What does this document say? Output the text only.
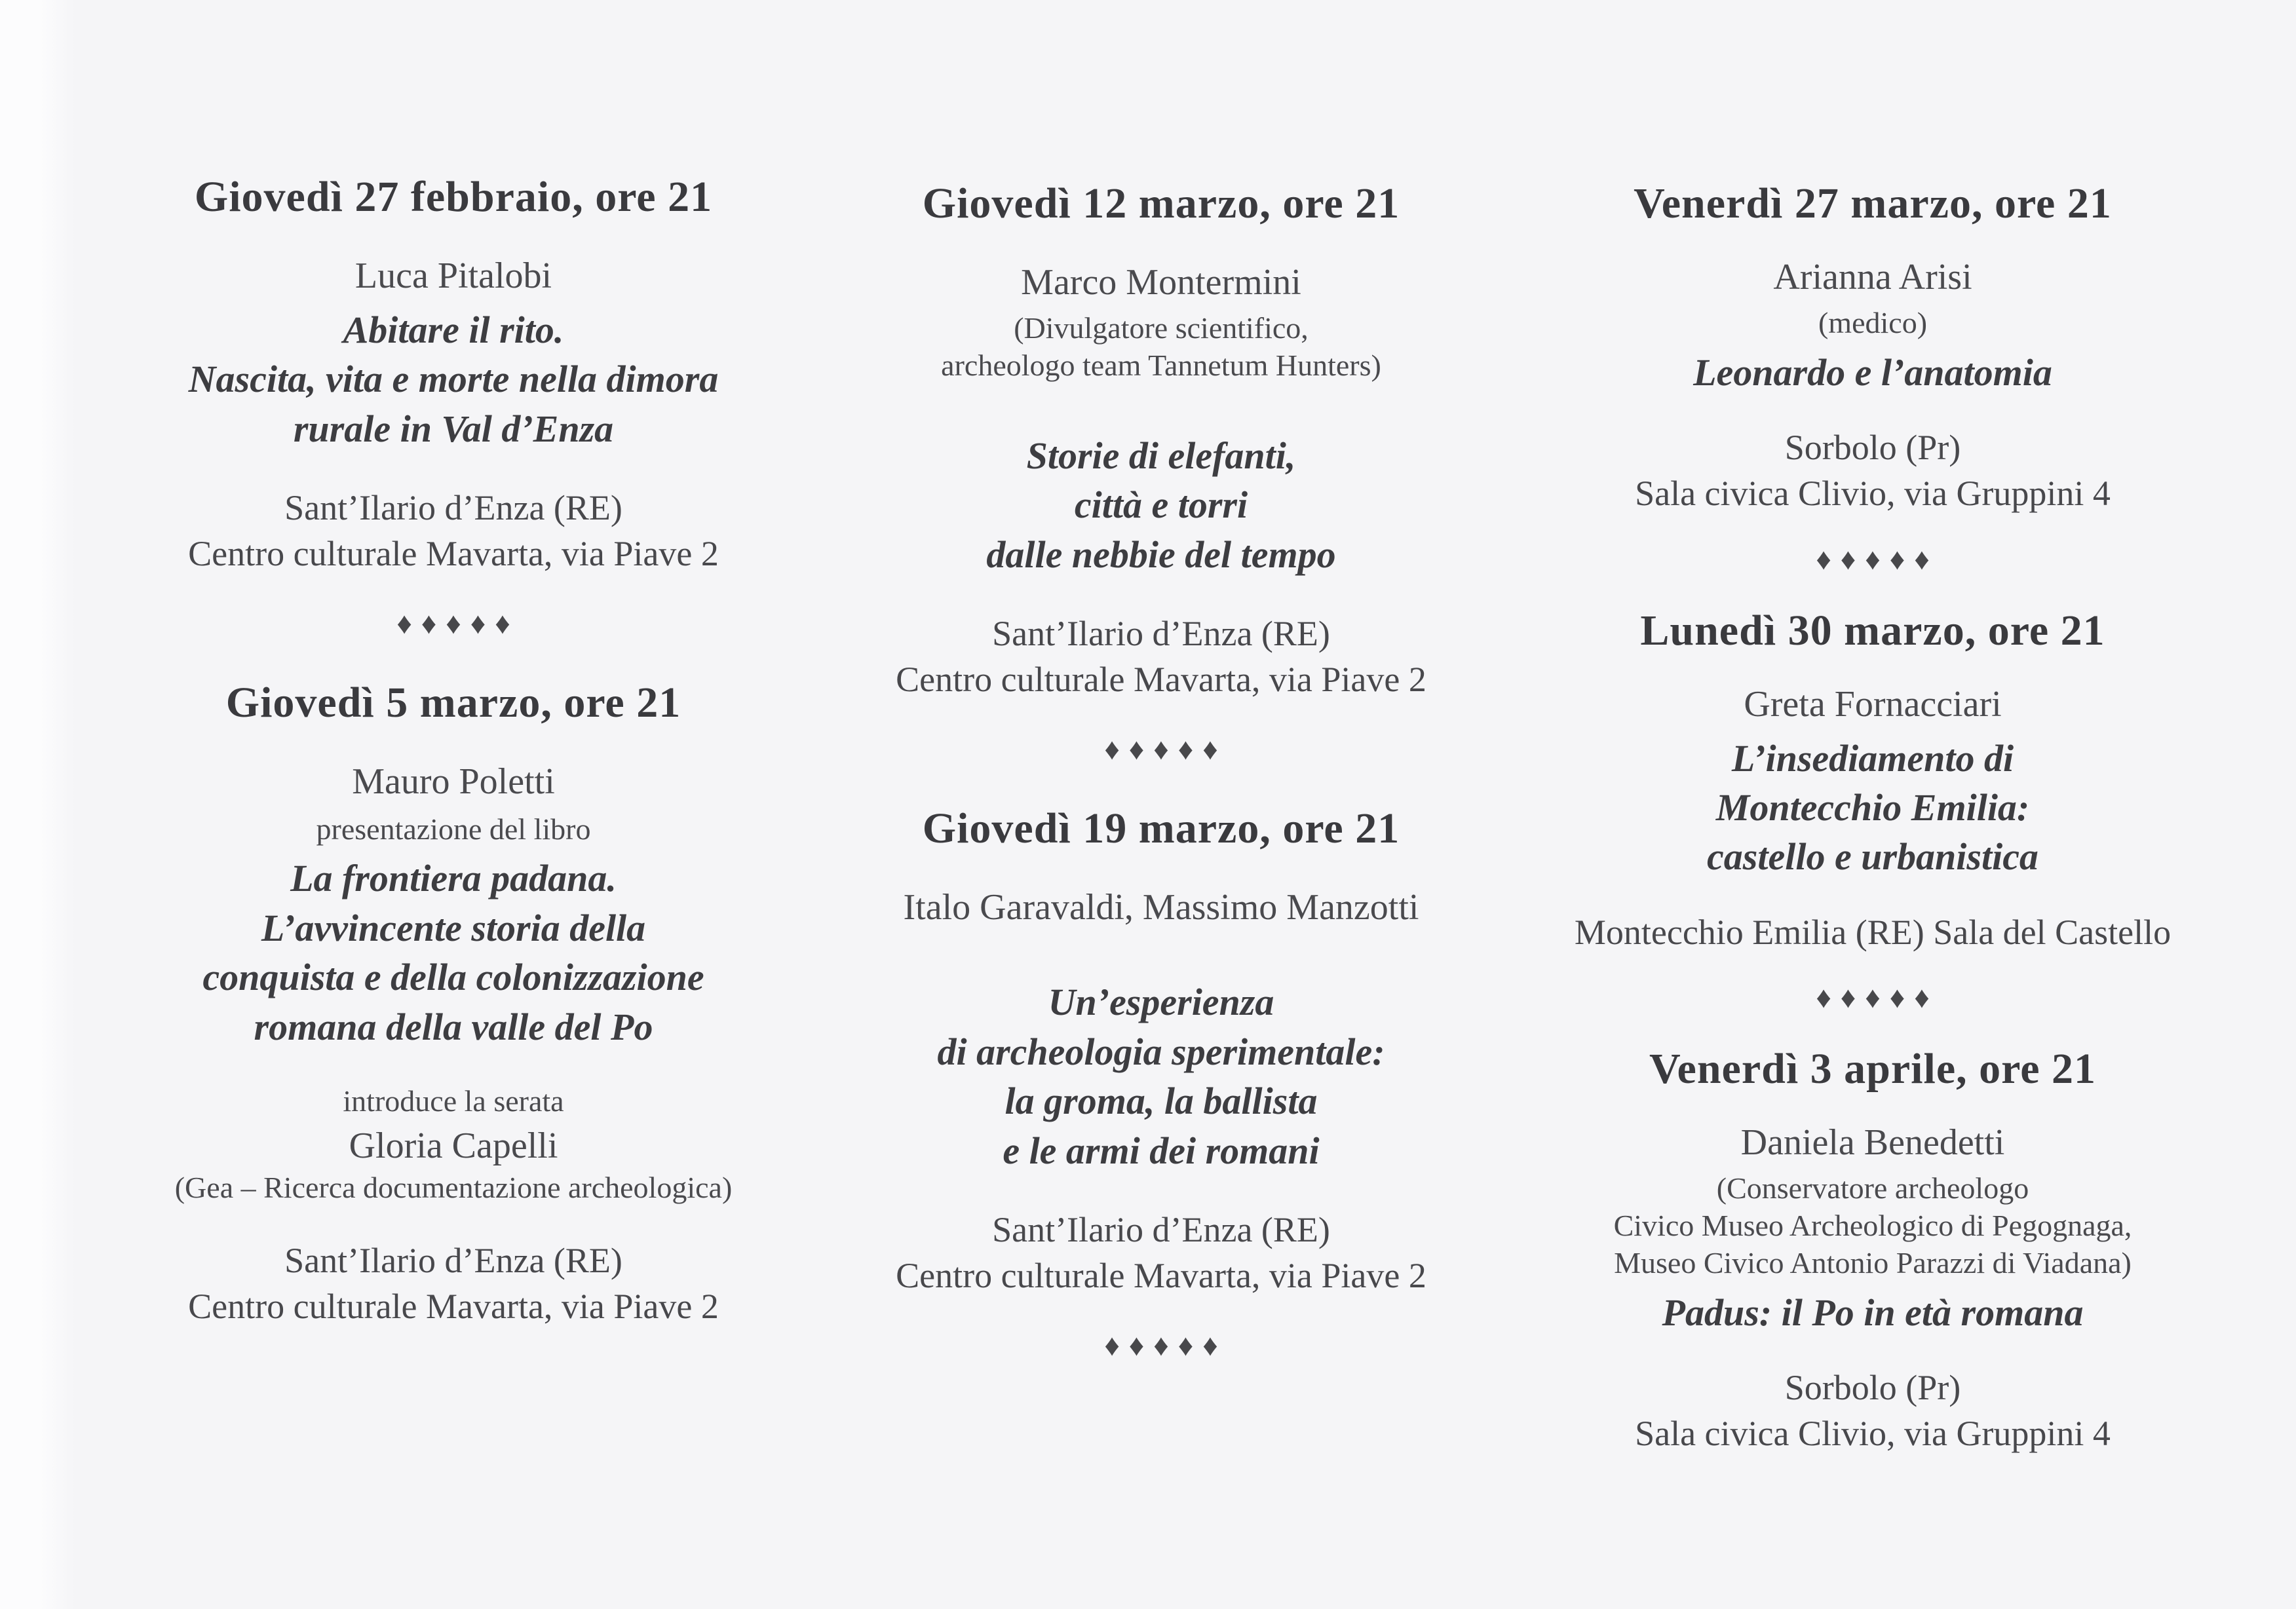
Giovedì 27 febbraio, ore 21
Luca Pitalobi
Abitare il rito.
Nascita, vita e morte nella dimora
rurale in Val d’Enza
Sant’Ilario d’Enza (RE)
Centro culturale Mavarta, via Piave 2
♦♦♦♦♦
Giovedì 5 marzo, ore 21
Mauro Poletti
presentazione del libro
La frontiera padana.
L’avvincente storia della
conquista e della colonizzazione
romana della valle del Po
introduce la serata
Gloria Capelli
(Gea – Ricerca documentazione archeologica)
Sant’Ilario d’Enza (RE)
Centro culturale Mavarta, via Piave 2
Giovedì 12 marzo, ore 21
Marco Montermini
(Divulgatore scientifico,
archeologo team Tannetum Hunters)
Storie di elefanti,
città e torri
dalle nebbie del tempo
Sant’Ilario d’Enza (RE)
Centro culturale Mavarta, via Piave 2
♦♦♦♦♦
Giovedì 19 marzo, ore 21
Italo Garavaldi, Massimo Manzotti
Un’esperienza
di archeologia sperimentale:
la groma, la ballista
e le armi dei romani
Sant’Ilario d’Enza (RE)
Centro culturale Mavarta, via Piave 2
♦♦♦♦♦
Venerdì 27 marzo, ore 21
Arianna Arisi
(medico)
Leonardo e l’anatomia
Sorbolo (Pr)
Sala civica Clivio, via Gruppini 4
♦♦♦♦♦
Lunedì 30 marzo, ore 21
Greta Fornacciari
L’insediamento di
Montecchio Emilia:
castello e urbanistica
Montecchio Emilia (RE) Sala del Castello
♦♦♦♦♦
Venerdì 3 aprile, ore 21
Daniela Benedetti
(Conservatore archeologo
Civico Museo Archeologico di Pegognaga,
Museo Civico Antonio Parazzi di Viadana)
Padus: il Po in età romana
Sorbolo (Pr)
Sala civica Clivio, via Gruppini 4
